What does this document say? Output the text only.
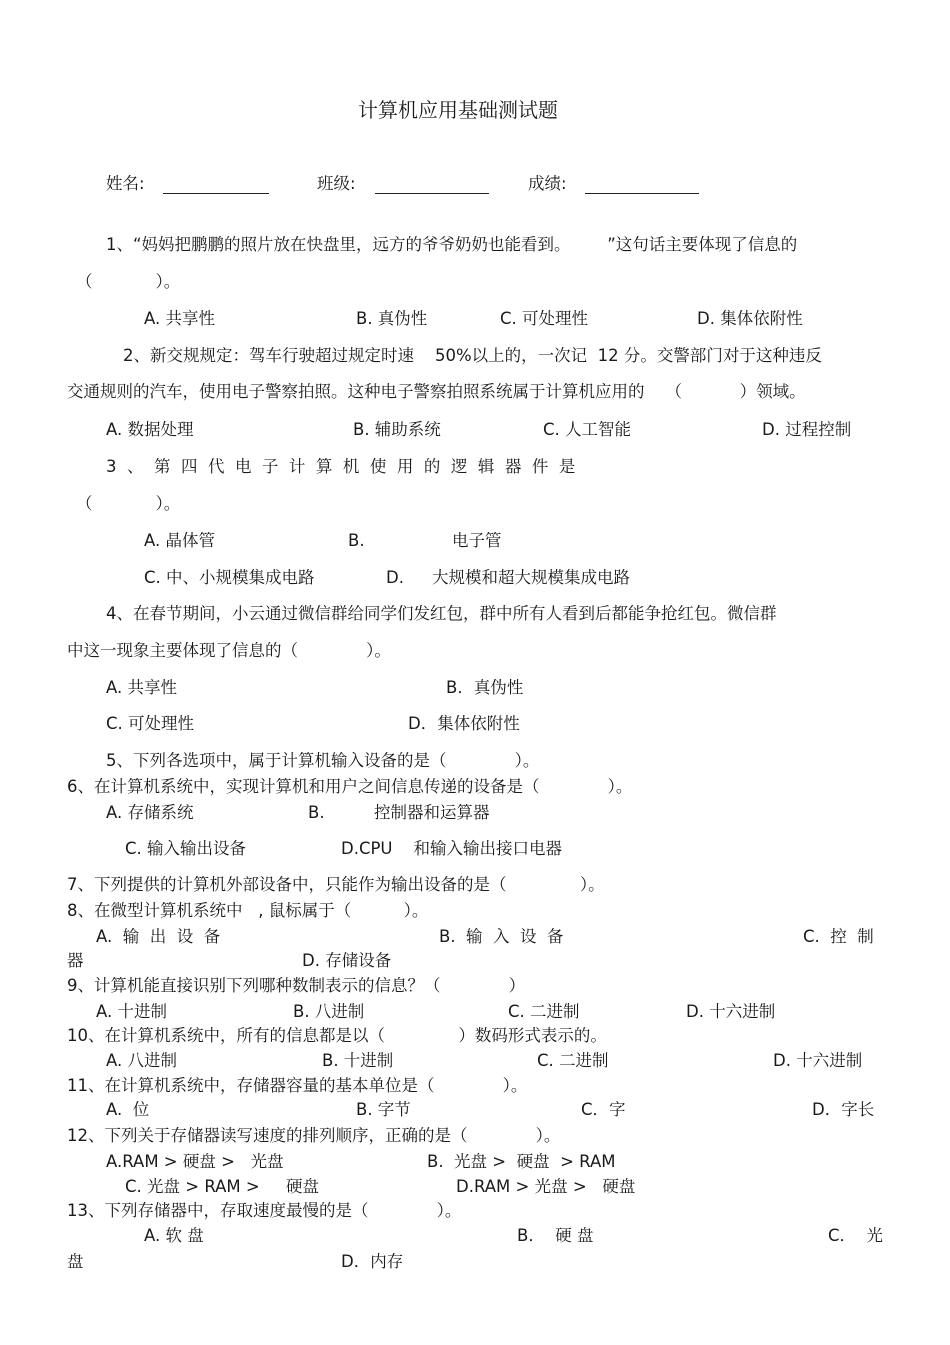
计算机应用基础测试题
姓名:	班级:	成绩:
1、“妈妈把鹏鹏的照片放在快盘里，远方的爷爷奶奶也能看到。       ”这句话主要体现了信息的
（            ）。
A. 共享性	B. 真伪性	C. 可处理性	D. 集体依附性
2、新交规规定：驾车行驶超过规定时速    50%以上的，一次记  12 分。交警部门对于这种违反
交通规则的汽车，使用电子警察拍照。这种电子警察拍照系统属于计算机应用的    （           ）领域。
A. 数据处理	B. 辅助系统	C. 人工智能	D. 过程控制
3  、  第  四  代  电  子  计  算  机  使  用  的  逻  辑  器  件  是
（            ）。
A. 晶体管	B.	电子管
C. 中、小规模集成电路	D. 大规模和超大规模集成电路
4、在春节期间，小云通过微信群给同学们发红包，群中所有人看到后都能争抢红包。微信群
中这一现象主要体现了信息的（             ）。
A. 共享性	B．真伪性
C. 可处理性	D．集体依附性
5、下列各选项中，属于计算机输入设备的是（             ）。
6、在计算机系统中，实现计算机和用户之间信息传递的设备是（             ）。
A. 存储系统	B.	控制器和运算器
C. 输入输出设备	D.CPU    和输入输出接口电器
7、下列提供的计算机外部设备中，只能作为输出设备的是（              ）。
8、在微型计算机系统中   , 鼠标属于（          ）。
A.  输  出  设  备	B.  输  入  设  备	C.  控  制
器	D. 存储设备
9、计算机能直接识别下列哪种数制表示的信息？（             ）
A. 十进制	B. 八进制	C. 二进制	D. 十六进制
10、在计算机系统中，所有的信息都是以（              ）数码形式表示的。
A. 八进制	B. 十进制	C. 二进制	D. 十六进制
11、在计算机系统中，存储器容量的基本单位是（             ）。
A.  位	B. 字节	C．字	D．字长
12、下列关于存储器读写速度的排列顺序，正确的是（             ）。
A.RAM > 硬盘 >   光盘	B.  光盘 >  硬盘  > RAM
C. 光盘 > RAM >     硬盘	D.RAM > 光盘 >   硬盘
13、下列存储器中，存取速度最慢的是（             ）。
A. 软 盘	B．  硬 盘	C．  光
盘	D．内存
